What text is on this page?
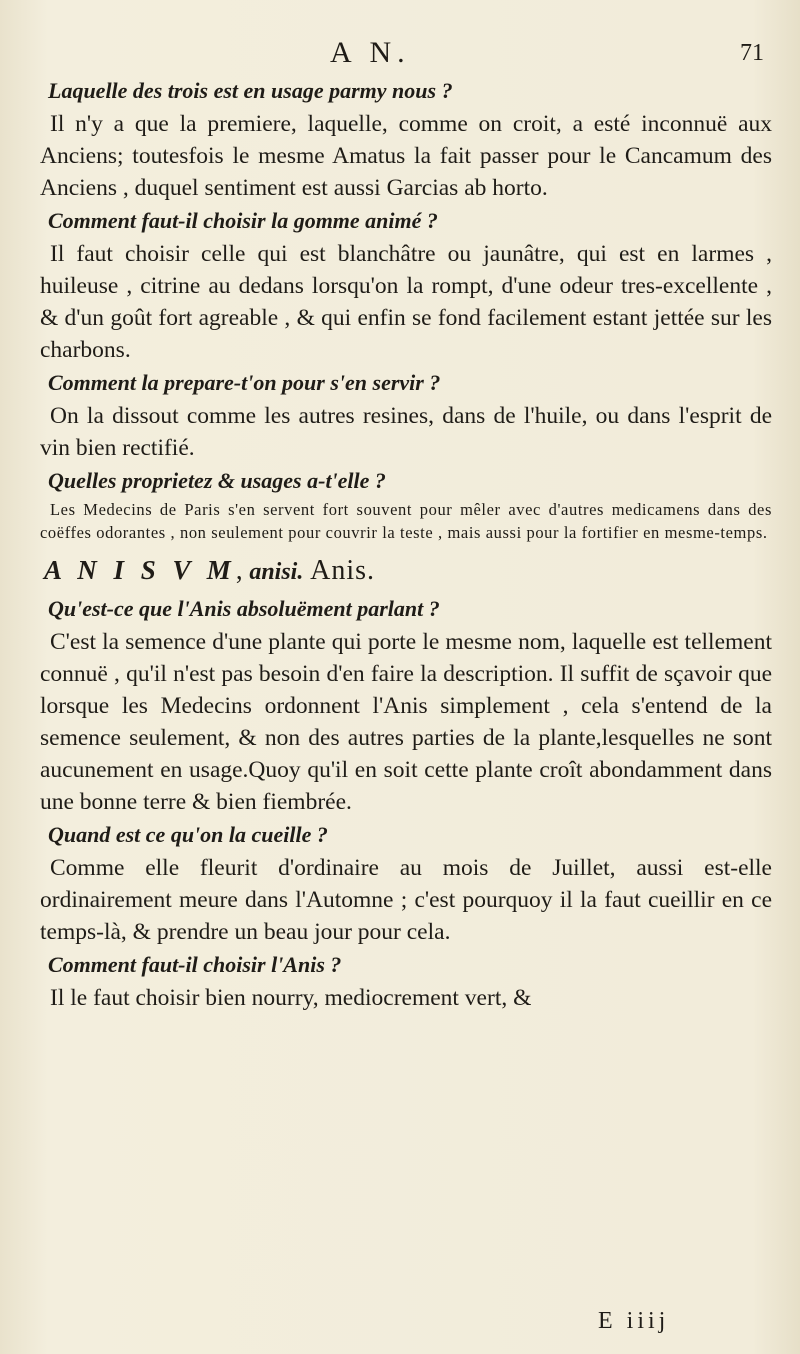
A N.	71
Laquelle des trois est en usage parmy nous ?

Il n'y a que la premiere, laquelle, comme on croit, a esté inconnuë aux Anciens; toutesfois le mesme Amatus la fait passer pour le Cancamum des Anciens , duquel sentiment est aussi Garcias ab horto.

Comment faut-il choisir la gomme animé ?

Il faut choisir celle qui est blanchâtre ou jaunâtre, qui est en larmes , huileuse , citrine au dedans lorsqu'on la rompt, d'une odeur tres-excellente , & d'un goût fort agreable , & qui enfin se fond facilement estant jettée sur les charbons.

Comment la prepare-t'on pour s'en servir ?

On la dissout comme les autres resines, dans de l'huile, ou dans l'esprit de vin bien rectifié.

Quelles proprietez & usages a-t'elle ?

Les Medecins de Paris s'en servent fort souvent pour mêler avec d'autres medicamens dans des coëffes odorantes , non seulement pour couvrir la teste , mais aussi pour la fortifier en mesme-temps.

A N I S V M, anisi. Anis.
Qu'est-ce que l'Anis absoluëment parlant ?

C'est la semence d'une plante qui porte le mesme nom, laquelle est tellement connuë , qu'il n'est pas besoin d'en faire la description. Il suffit de sçavoir que lorsque les Medecins ordonnent l'Anis simplement , cela s'entend de la semence seulement, & non des autres parties de la plante,lesquelles ne sont aucunement en usage.Quoy qu'il en soit cette plante croît abondamment dans une bonne terre & bien fiembrée.

Quand est ce qu'on la cueille ?

Comme elle fleurit d'ordinaire au mois de Juillet, aussi est-elle ordinairement meure dans l'Automne ; c'est pourquoy il la faut cueillir en ce temps-là, & prendre un beau jour pour cela.

Comment faut-il choisir l'Anis ?

Il le faut choisir bien nourry, mediocrement vert, &

E iiij
